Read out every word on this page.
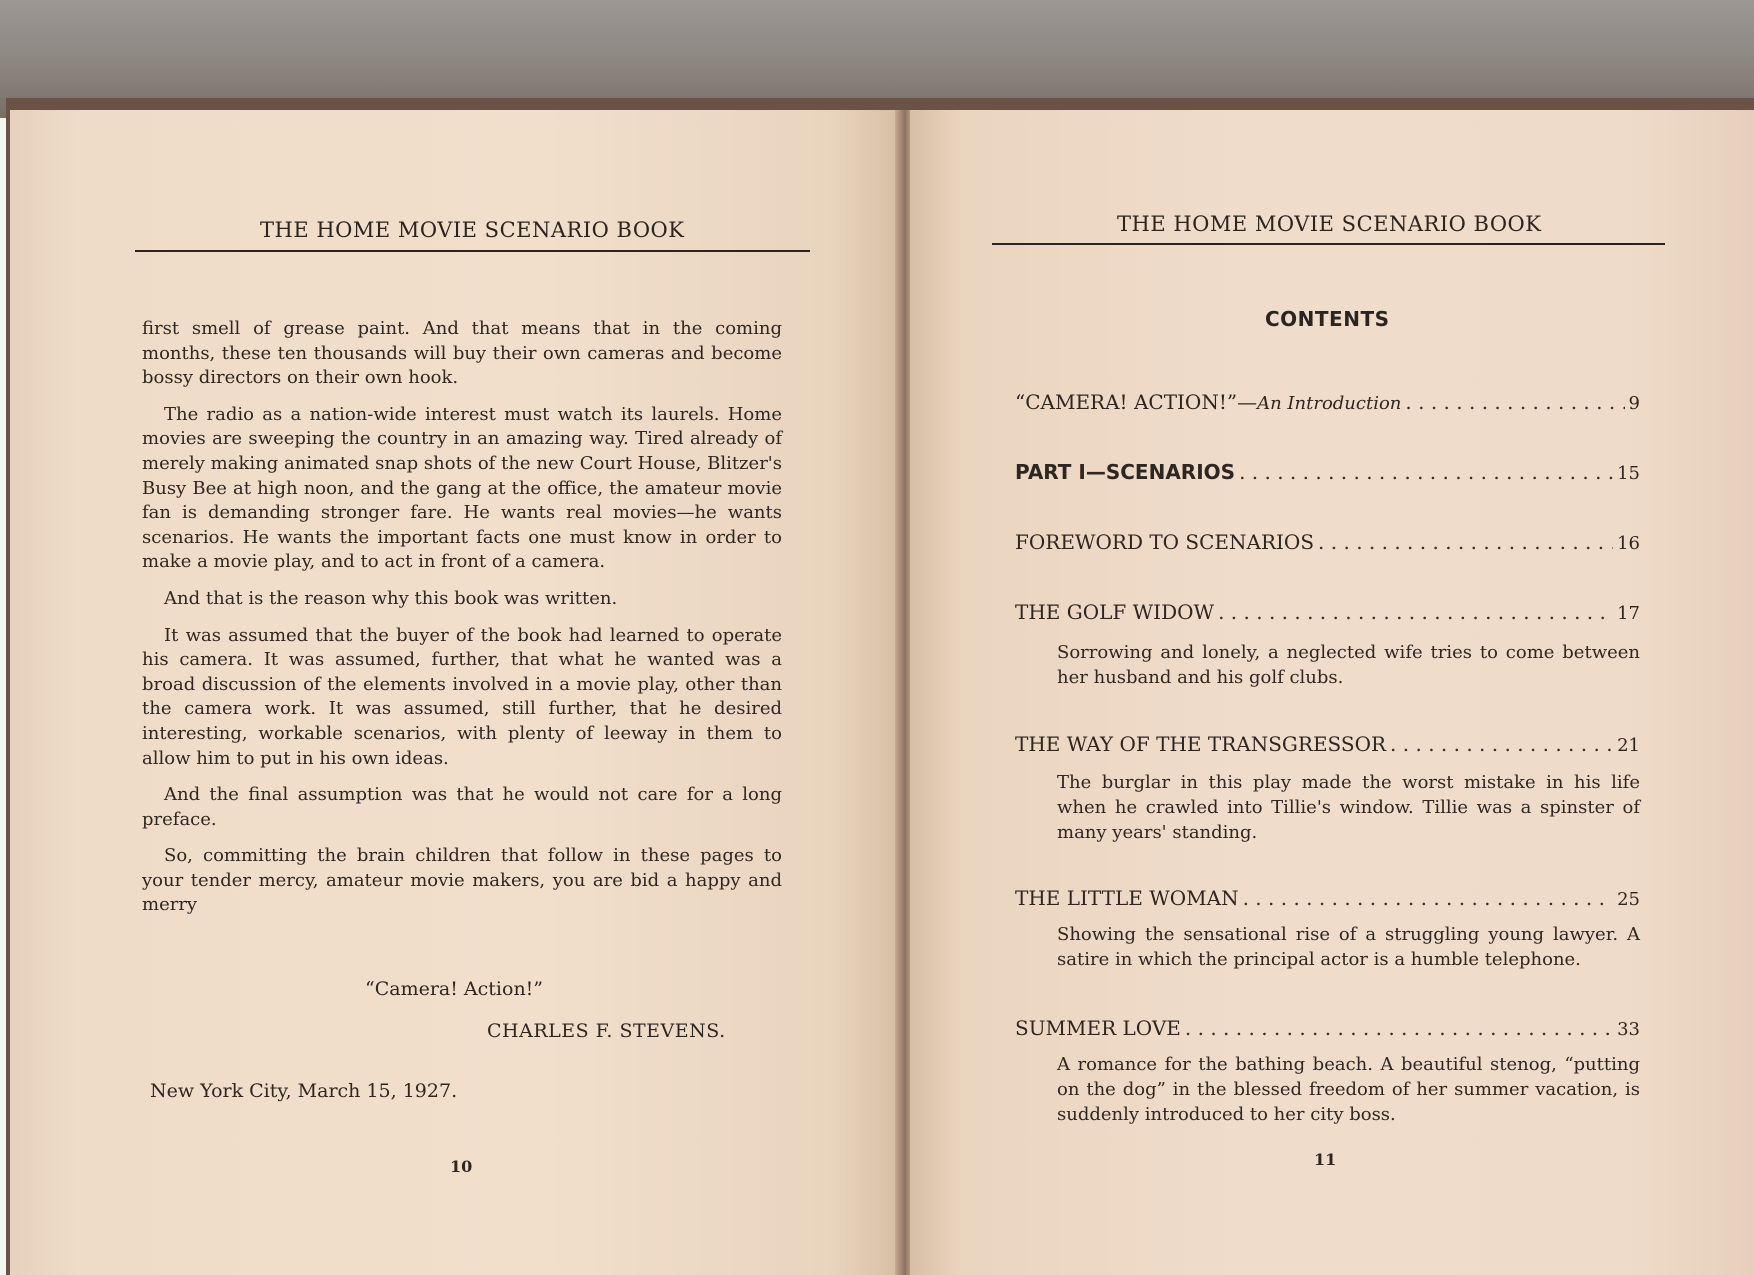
THE HOME MOVIE SCENARIO BOOK

first smell of grease paint. And that means that in the coming months, these ten thousands will buy their own cameras and become bossy directors on their own hook.

The radio as a nation-wide interest must watch its laurels. Home movies are sweeping the country in an amazing way. Tired already of merely making animated snap shots of the new Court House, Blitzer's Busy Bee at high noon, and the gang at the office, the amateur movie fan is demanding stronger fare. He wants real movies—he wants scenarios. He wants the important facts one must know in order to make a movie play, and to act in front of a camera.

And that is the reason why this book was written.

It was assumed that the buyer of the book had learned to operate his camera. It was assumed, further, that what he wanted was a broad discussion of the elements involved in a movie play, other than the camera work. It was assumed, still further, that he desired interesting, workable scenarios, with plenty of leeway in them to allow him to put in his own ideas.

And the final assumption was that he would not care for a long preface.

So, committing the brain children that follow in these pages to your tender mercy, amateur movie makers, you are bid a happy and merry

“Camera! Action!”
CHARLES F. STEVENS.
New York City, March 15, 1927.
10
THE HOME MOVIE SCENARIO BOOK
CONTENTS
“CAMERA! ACTION!”— An Introduction . . .	9
PART I—SCENARIOS . . .	15
FOREWORD TO SCENARIOS . . .	16
THE GOLF WIDOW . . .	17
Sorrowing and lonely, a neglected wife tries to come between her husband and his golf clubs.
THE WAY OF THE TRANSGRESSOR . . .	21
The burglar in this play made the worst mistake in his life when he crawled into Tillie's window. Tillie was a spinster of many years' standing.
THE LITTLE WOMAN . . .	25
Showing the sensational rise of a struggling young lawyer. A satire in which the principal actor is a humble telephone.
SUMMER LOVE . . .	33
A romance for the bathing beach. A beautiful stenog, “putting on the dog” in the blessed freedom of her summer vacation, is suddenly introduced to her city boss.
11
